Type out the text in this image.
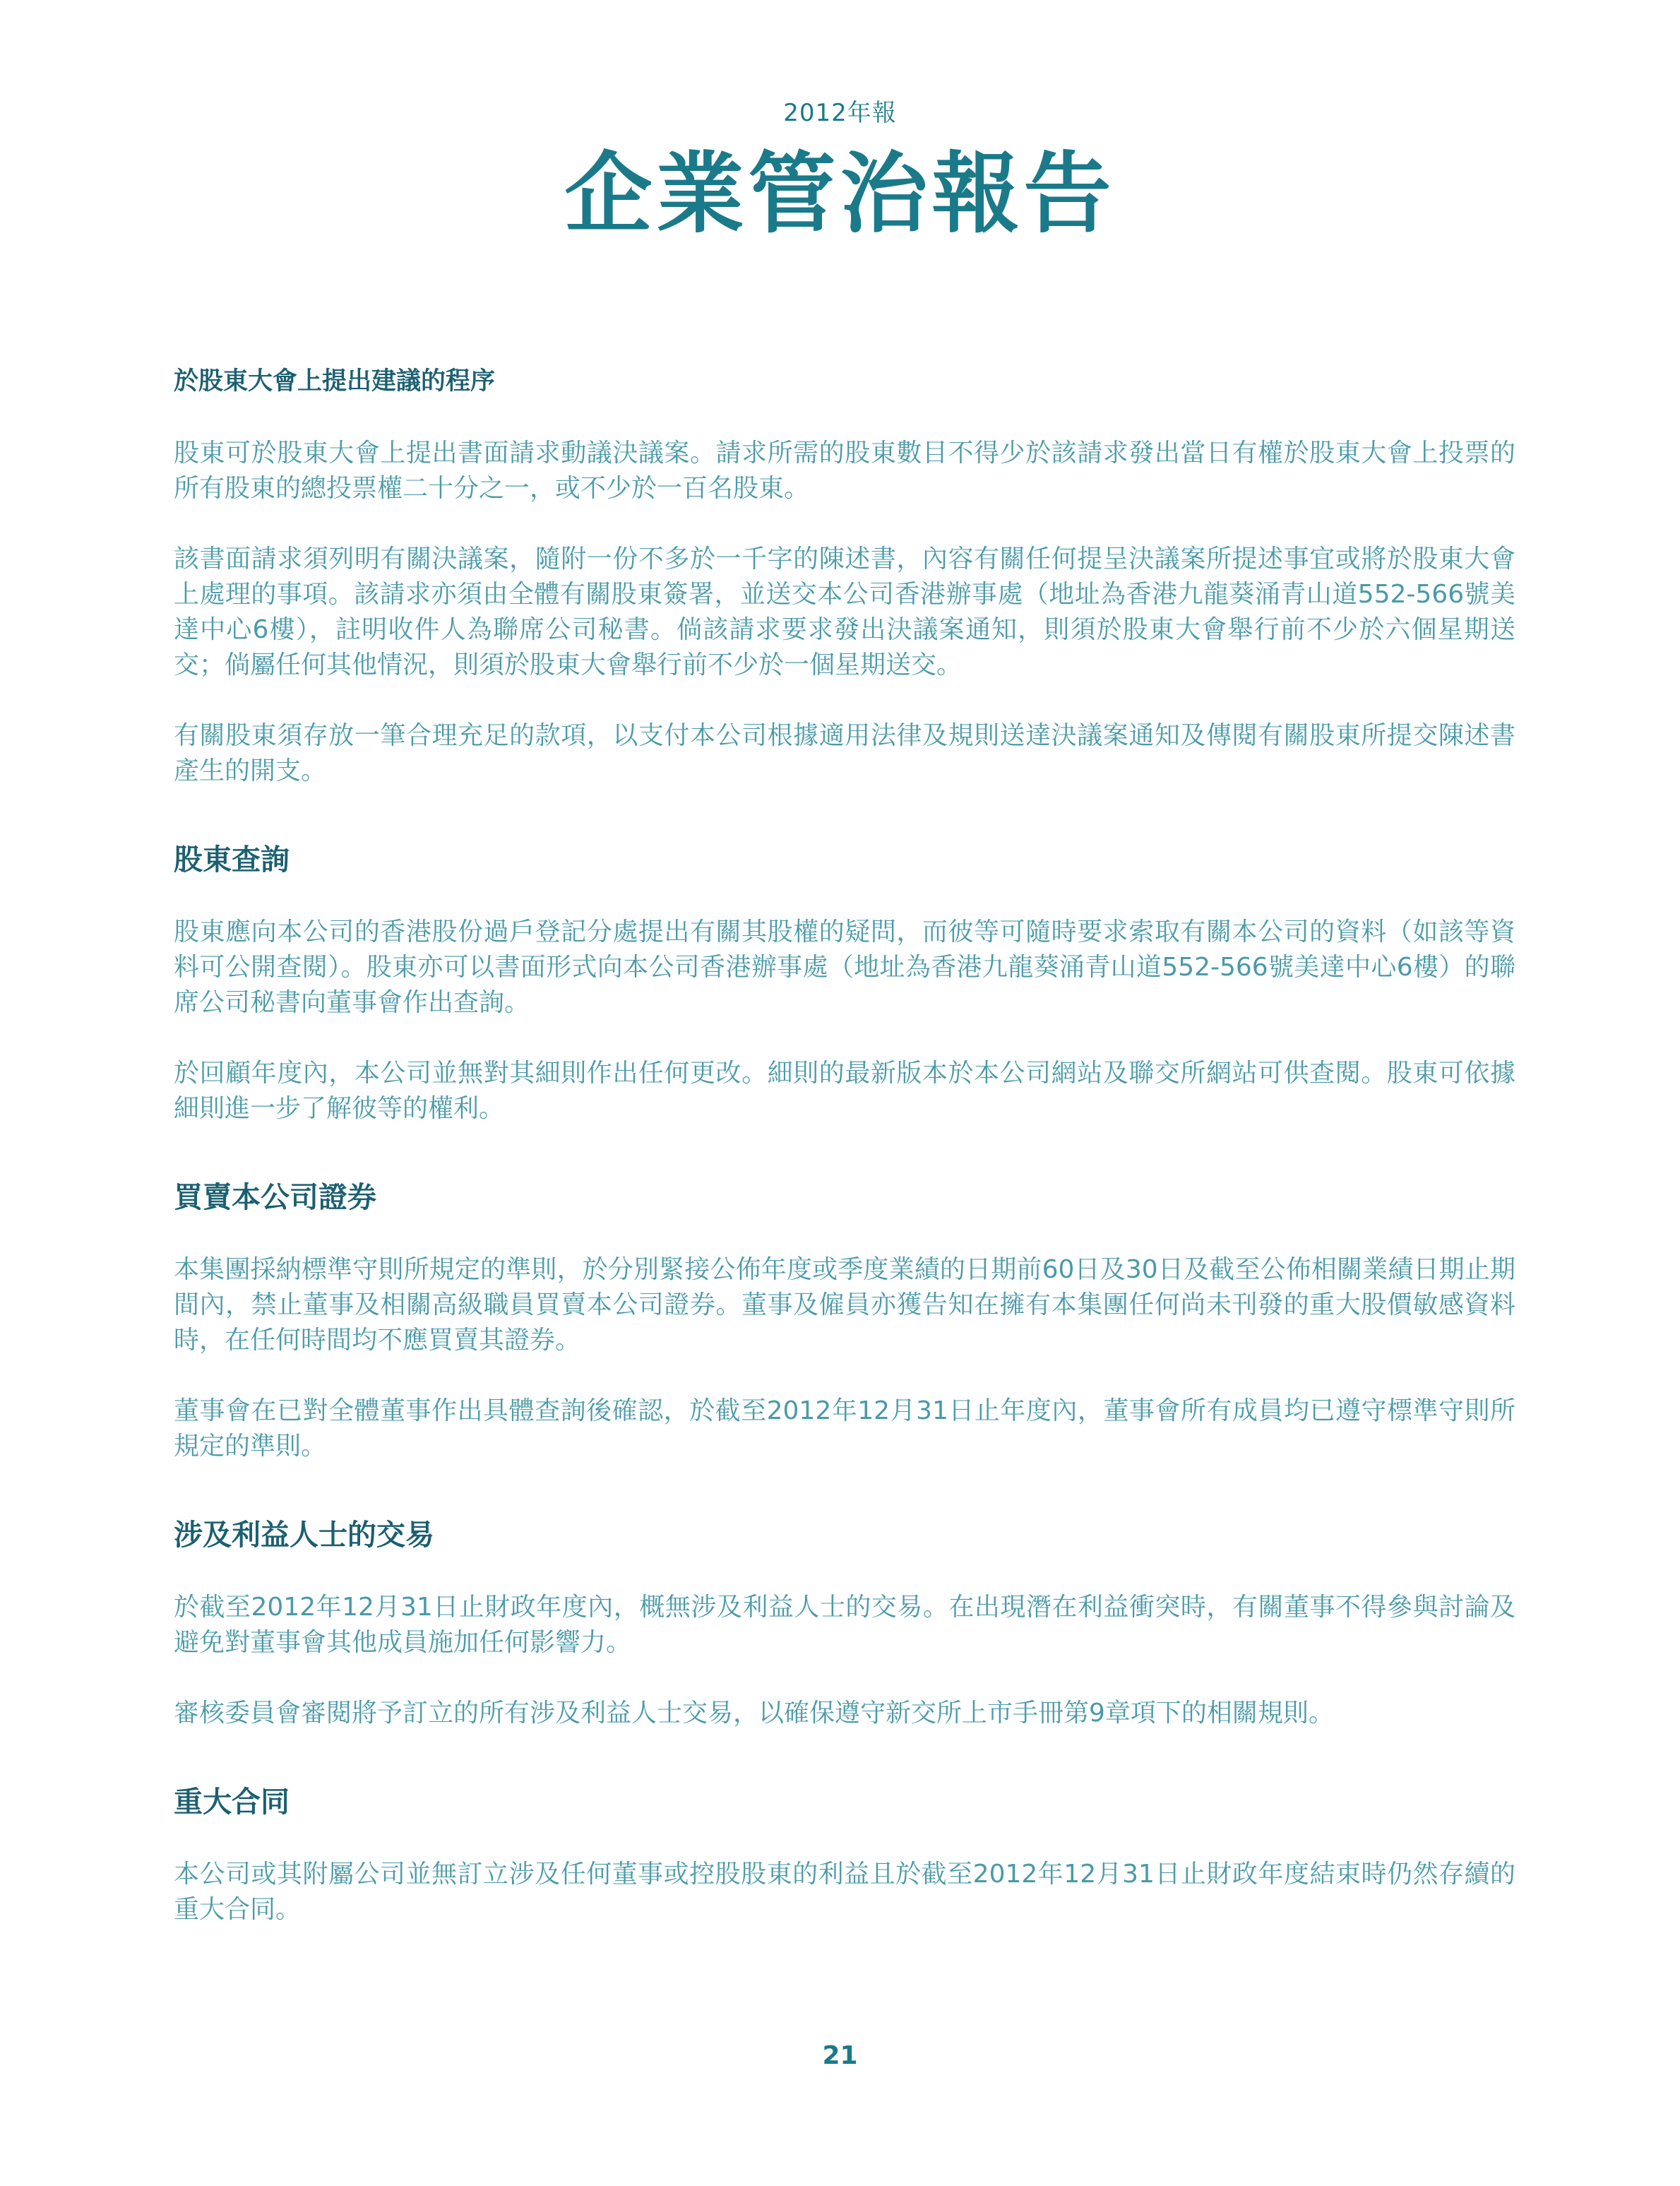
2012年報
企業管治報告
於股東大會上提出建議的程序

股東可於股東大會上提出書面請求動議決議案。請求所需的股東數目不得少於該請求發出當日有權於股東大會上投票的所有股東的總投票權二十分之一，或不少於一百名股東。

該書面請求須列明有關決議案，隨附一份不多於一千字的陳述書，內容有關任何提呈決議案所提述事宜或將於股東大會上處理的事項。該請求亦須由全體有關股東簽署，並送交本公司香港辦事處（地址為香港九龍葵涌青山道552-566號美達中心6樓），註明收件人為聯席公司秘書。倘該請求要求發出決議案通知，則須於股東大會舉行前不少於六個星期送交；倘屬任何其他情況，則須於股東大會舉行前不少於一個星期送交。

有關股東須存放一筆合理充足的款項，以支付本公司根據適用法律及規則送達決議案通知及傳閱有關股東所提交陳述書產生的開支。

股東查詢

股東應向本公司的香港股份過戶登記分處提出有關其股權的疑問，而彼等可隨時要求索取有關本公司的資料（如該等資料可公開查閱）。股東亦可以書面形式向本公司香港辦事處（地址為香港九龍葵涌青山道552-566號美達中心6樓）的聯席公司秘書向董事會作出查詢。

於回顧年度內，本公司並無對其細則作出任何更改。細則的最新版本於本公司網站及聯交所網站可供查閱。股東可依據細則進一步了解彼等的權利。

買賣本公司證券

本集團採納標準守則所規定的準則，於分別緊接公佈年度或季度業績的日期前60日及30日及截至公佈相關業績日期止期間內，禁止董事及相關高級職員買賣本公司證券。董事及僱員亦獲告知在擁有本集團任何尚未刊發的重大股價敏感資料時，在任何時間均不應買賣其證券。

董事會在已對全體董事作出具體查詢後確認，於截至2012年12月31日止年度內，董事會所有成員均已遵守標準守則所規定的準則。

涉及利益人士的交易

於截至2012年12月31日止財政年度內，概無涉及利益人士的交易。在出現潛在利益衝突時，有關董事不得參與討論及避免對董事會其他成員施加任何影響力。

審核委員會審閱將予訂立的所有涉及利益人士交易，以確保遵守新交所上市手冊第9章項下的相關規則。

重大合同

本公司或其附屬公司並無訂立涉及任何董事或控股股東的利益且於截至2012年12月31日止財政年度結束時仍然存續的重大合同。

21
